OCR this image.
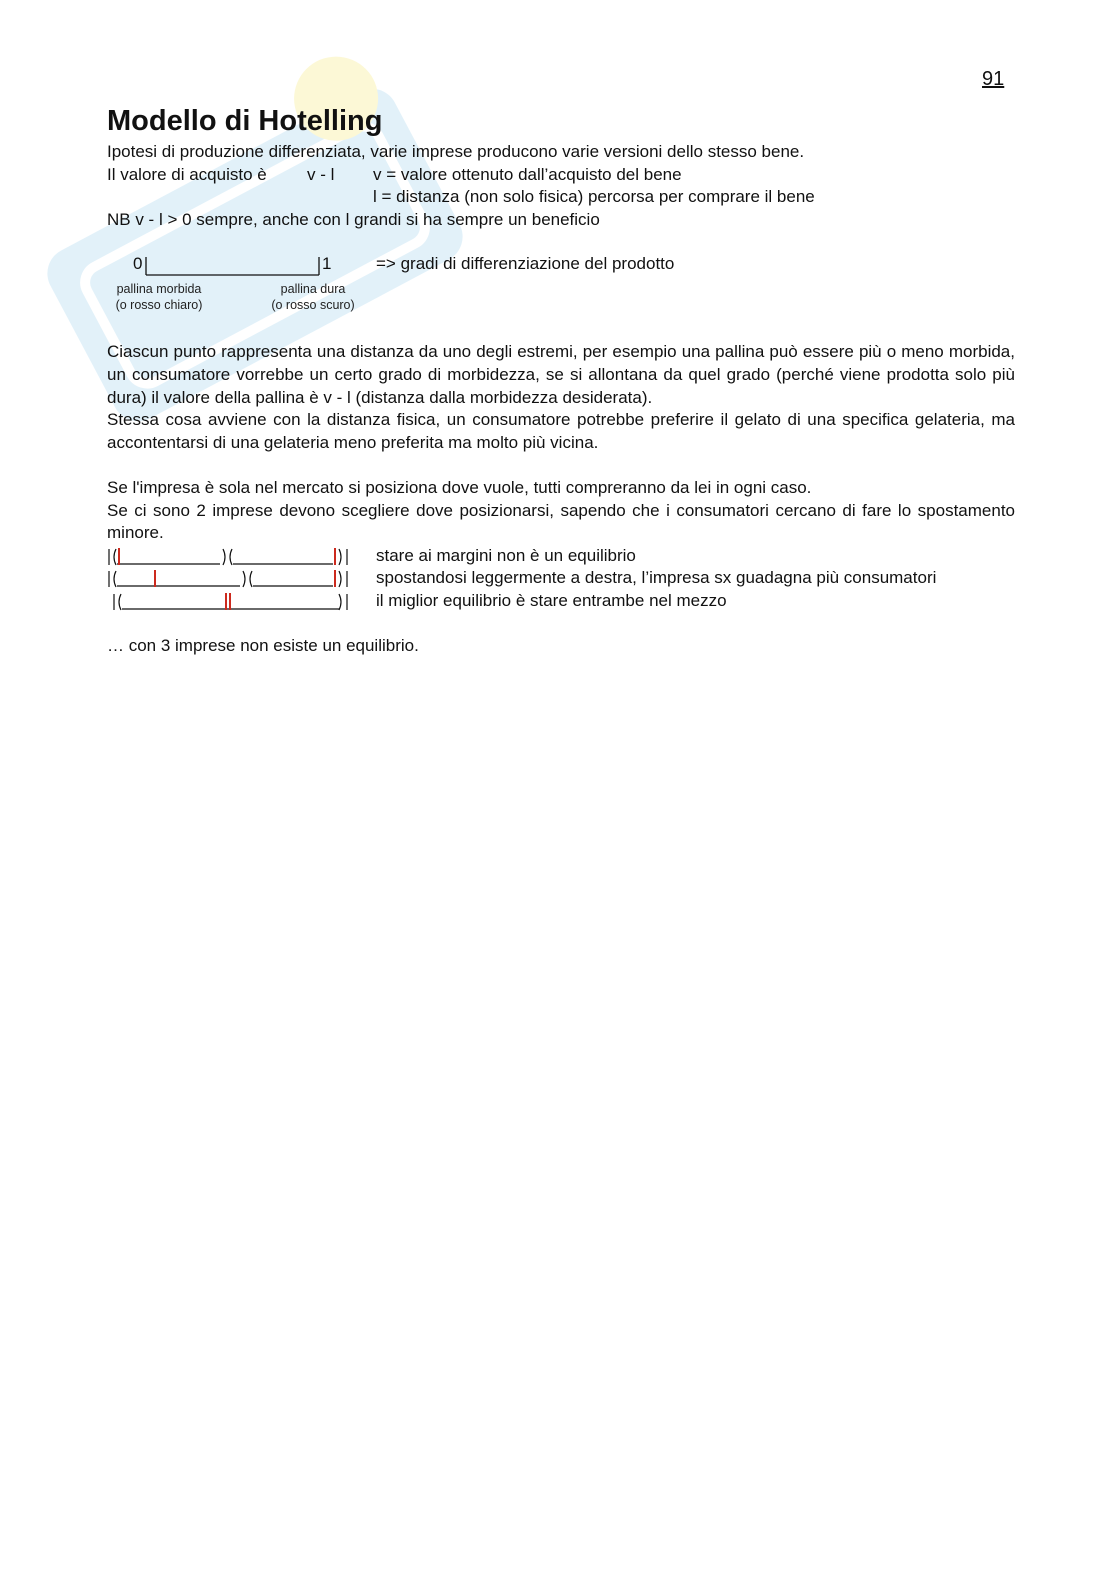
91
Modello di Hotelling
Ipotesi di produzione differenziata, varie imprese producono varie versioni dello stesso bene.
Il valore di acquisto è v - l v = valore ottenuto dall’acquisto del bene
l = distanza (non solo fisica) percorsa per comprare il bene
NB v - l > 0 sempre, anche con l grandi si ha sempre un beneficio
0	1
pallina morbida
(o rosso chiaro)
pallina dura
(o rosso scuro)
=> gradi di differenziazione del prodotto

Ciascun punto rappresenta una distanza da uno degli estremi, per esempio una pallina può essere più o meno morbida, un consumatore vorrebbe un certo grado di morbidezza, se si allontana da quel grado (perché viene prodotta solo più dura) il valore della pallina è v - l (distanza dalla morbidezza desiderata).

Stessa cosa avviene con la distanza fisica, un consumatore potrebbe preferire il gelato di una specifica gelateria, ma accontentarsi di una gelateria meno preferita ma molto più vicina.

Se l'impresa è sola nel mercato si posiziona dove vuole, tutti compreranno da lei in ogni caso.

Se ci sono 2 imprese devono scegliere dove posizionarsi, sapendo che i consumatori cercano di fare lo spostamento minore.

stare ai margini non è un equilibrio
spostandosi leggermente a destra, l’impresa sx guadagna più consumatori
il miglior equilibrio è stare entrambe nel mezzo
… con 3 imprese non esiste un equilibrio.
